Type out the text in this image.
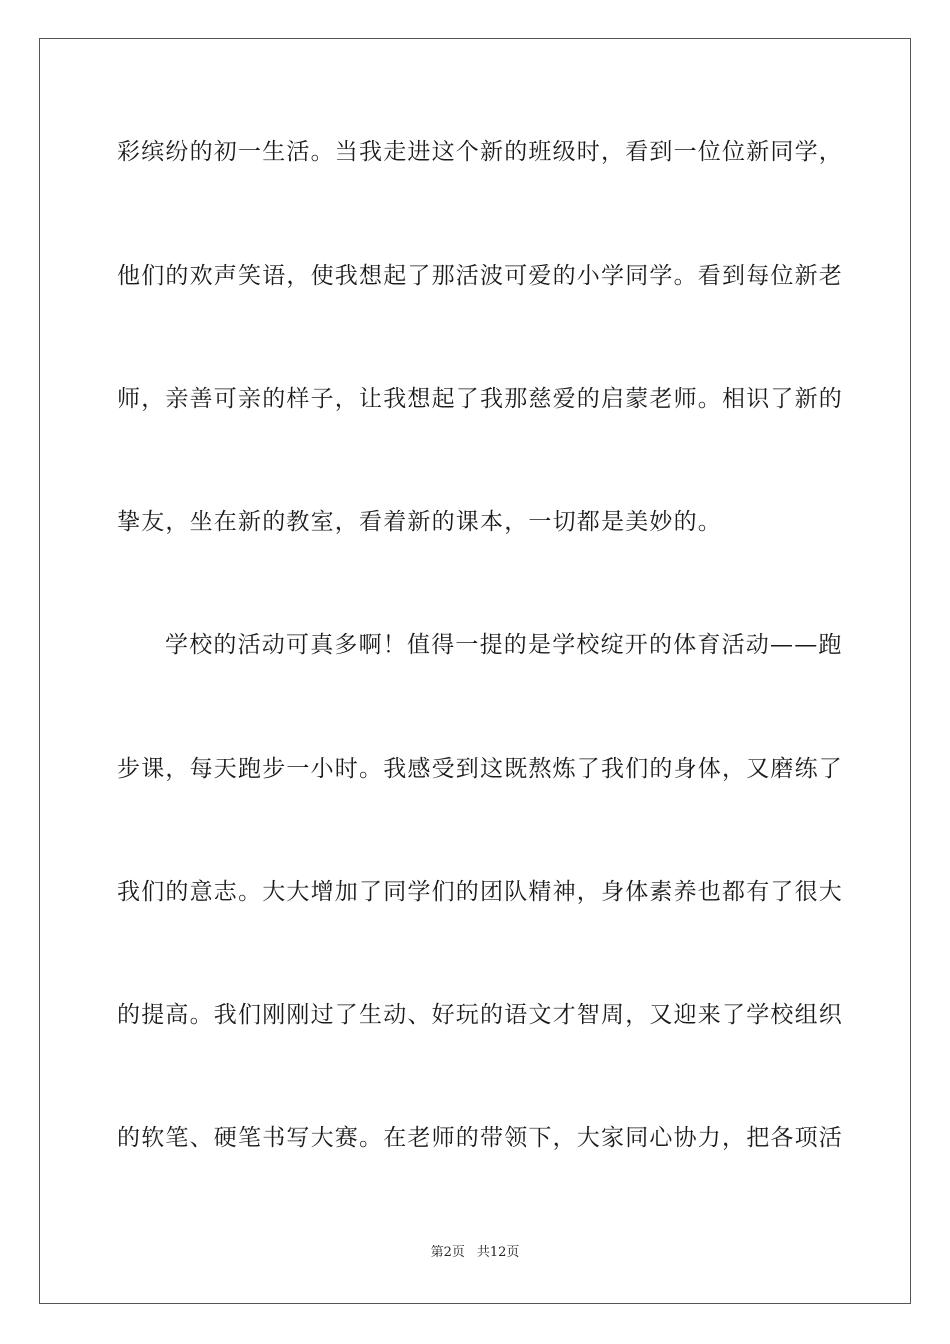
彩缤纷的初一生活。当我走进这个新的班级时，看到一位位新同学，
他们的欢声笑语，使我想起了那活波可爱的小学同学。看到每位新老
师，亲善可亲的样子，让我想起了我那慈爱的启蒙老师。相识了新的
挚友，坐在新的教室，看着新的课本，一切都是美妙的。
学校的活动可真多啊！值得一提的是学校绽开的体育活动——跑
步课，每天跑步一小时。我感受到这既熬炼了我们的身体，又磨练了
我们的意志。大大增加了同学们的团队精神，身体素养也都有了很大
的提高。我们刚刚过了生动、好玩的语文才智周，又迎来了学校组织
的软笔、硬笔书写大赛。在老师的带领下，大家同心协力，把各项活
第2页 共12页
